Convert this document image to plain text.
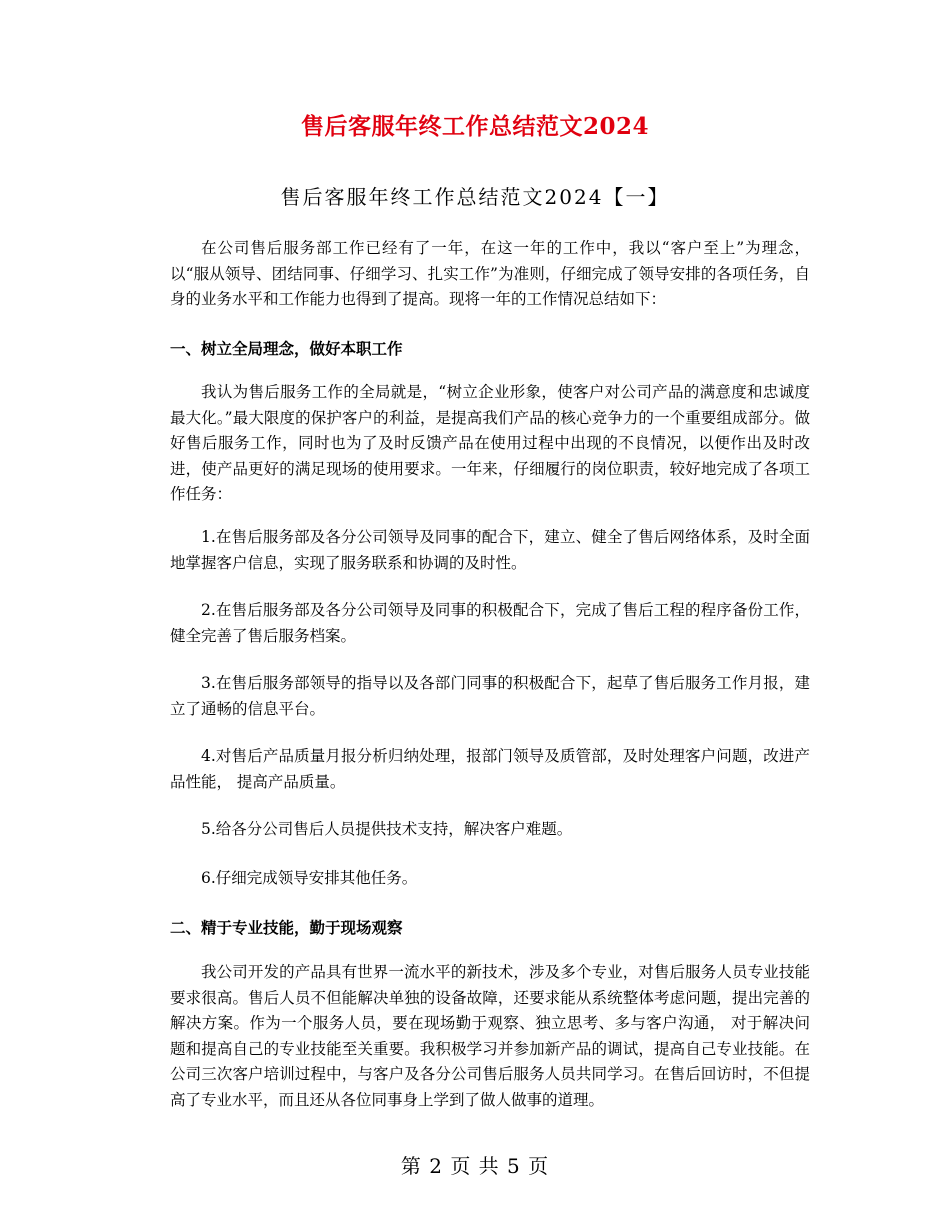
售后客服年终工作总结范文2024
售后客服年终工作总结范文2024【一】

在公司售后服务部工作已经有了一年，在这一年的工作中，我以“客户至上”为理念，以“服从领导、团结同事、仔细学习、扎实工作”为准则，仔细完成了领导安排的各项任务，自身的业务水平和工作能力也得到了提高。现将一年的工作情况总结如下：

一、树立全局理念，做好本职工作

我认为售后服务工作的全局就是，“树立企业形象，使客户对公司产品的满意度和忠诚度最大化。”最大限度的保护客户的利益，是提高我们产品的核心竞争力的一个重要组成部分。做好售后服务工作，同时也为了及时反馈产品在使用过程中出现的不良情况，以便作出及时改进，使产品更好的满足现场的使用要求。一年来，仔细履行的岗位职责，较好地完成了各项工作任务：

1.在售后服务部及各分公司领导及同事的配合下，建立、健全了售后网络体系，及时全面地掌握客户信息，实现了服务联系和协调的及时性。

2.在售后服务部及各分公司领导及同事的积极配合下，完成了售后工程的程序备份工作，健全完善了售后服务档案。

3.在售后服务部领导的指导以及各部门同事的积极配合下，起草了售后服务工作月报，建立了通畅的信息平台。

4.对售后产品质量月报分析归纳处理，报部门领导及质管部，及时处理客户问题，改进产品性能， 提高产品质量。

5.给各分公司售后人员提供技术支持，解决客户难题。

6.仔细完成领导安排其他任务。

二、精于专业技能，勤于现场观察

我公司开发的产品具有世界一流水平的新技术，涉及多个专业，对售后服务人员专业技能要求很高。售后人员不但能解决单独的设备故障，还要求能从系统整体考虑问题，提出完善的解决方案。作为一个服务人员，要在现场勤于观察、独立思考、多与客户沟通， 对于解决问题和提高自己的专业技能至关重要。我积极学习并参加新产品的调试，提高自己专业技能。在公司三次客户培训过程中，与客户及各分公司售后服务人员共同学习。在售后回访时，不但提高了专业水平，而且还从各位同事身上学到了做人做事的道理。

第 2 页 共 5 页
